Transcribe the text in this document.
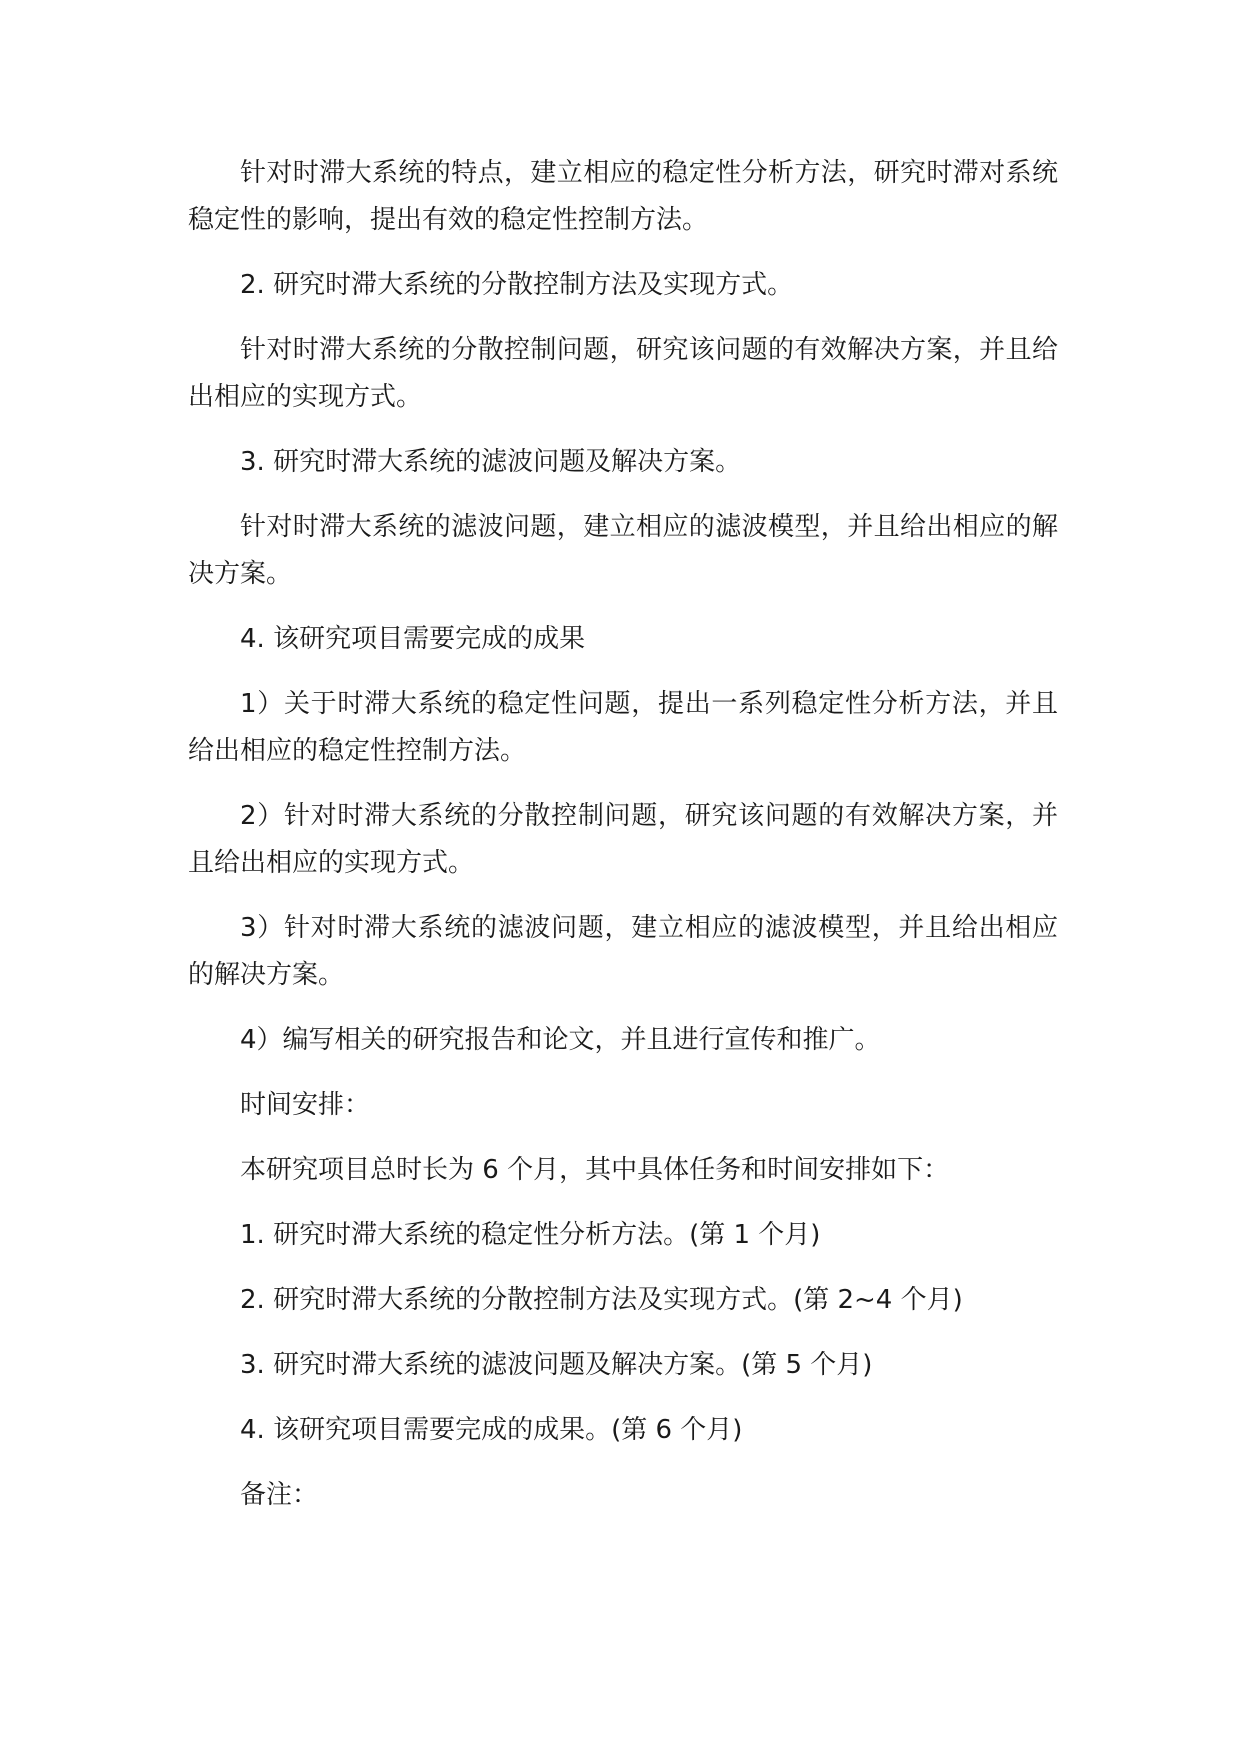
针对时滞大系统的特点，建立相应的稳定性分析方法，研究时滞对系统稳定性的影响，提出有效的稳定性控制方法。

2. 研究时滞大系统的分散控制方法及实现方式。

针对时滞大系统的分散控制问题，研究该问题的有效解决方案，并且给出相应的实现方式。

3. 研究时滞大系统的滤波问题及解决方案。

针对时滞大系统的滤波问题，建立相应的滤波模型，并且给出相应的解决方案。

4. 该研究项目需要完成的成果

1）关于时滞大系统的稳定性问题，提出一系列稳定性分析方法，并且给出相应的稳定性控制方法。

2）针对时滞大系统的分散控制问题，研究该问题的有效解决方案，并且给出相应的实现方式。

3）针对时滞大系统的滤波问题，建立相应的滤波模型，并且给出相应的解决方案。

4）编写相关的研究报告和论文，并且进行宣传和推广。

时间安排：

本研究项目总时长为 6 个月，其中具体任务和时间安排如下：

1. 研究时滞大系统的稳定性分析方法。(第 1 个月)

2. 研究时滞大系统的分散控制方法及实现方式。(第 2~4 个月)

3. 研究时滞大系统的滤波问题及解决方案。(第 5 个月)

4. 该研究项目需要完成的成果。(第 6 个月)

备注：
